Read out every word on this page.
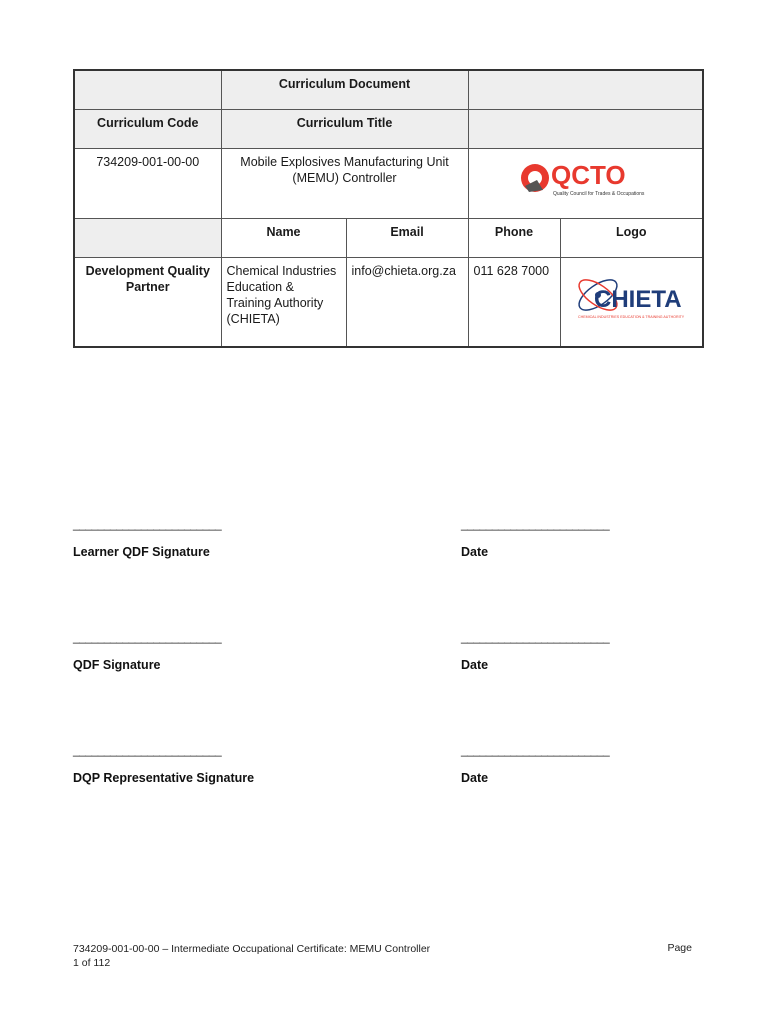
	Curriculum Document			
Curriculum Code	Curriculum Title			
734209-001-00-00	Mobile Explosives Manufacturing Unit (MEMU) Controller		QCTO
Quality Council for Trades & Occupations	

	Name	Email	Phone	Logo
Development Quality Partner	Chemical Industries Education & Training Authority (CHIETA)	info@chieta.org.za	011 628 7000	CHIETA
CHEMICAL INDUSTRIES EDUCATION & TRAINING AUTHORITY
________________________	________________________
Learner QDF Signature	Date
________________________	________________________
QDF Signature	Date
________________________	________________________
DQP Representative Signature	Date
734209-001-00-00 – Intermediate Occupational Certificate: MEMU Controller
1 of 112
Page
